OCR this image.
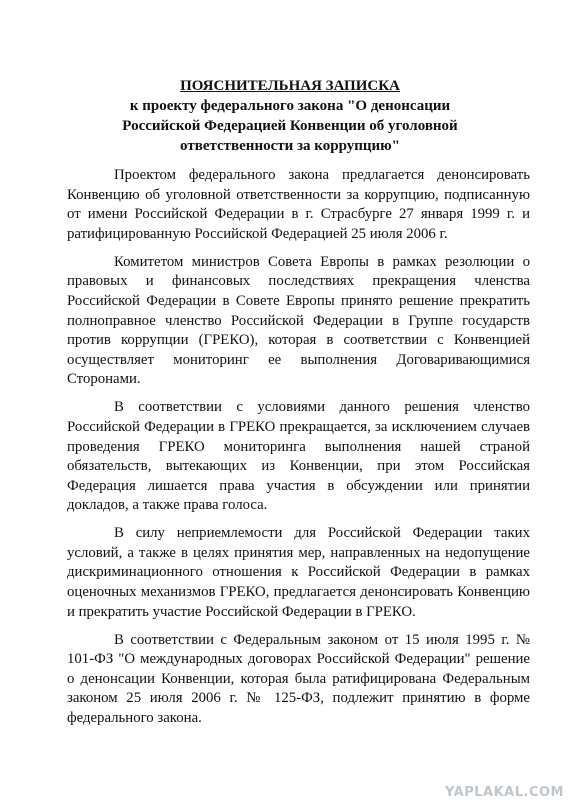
ПОЯСНИТЕЛЬНАЯ ЗАПИСКА
к проекту федерального закона "О денонсации
Российской Федерацией Конвенции об уголовной
ответственности за коррупцию"

Проектом федерального закона предлагается денонсировать Конвенцию об уголовной ответственности за коррупцию, подписанную от имени Российской Федерации в г. Страсбурге 27 января 1999 г. и ратифицированную Российской Федерацией 25 июля 2006 г.

Комитетом министров Совета Европы в рамках резолюции о правовых и финансовых последствиях прекращения членства Российской Федерации в Совете Европы принято решение прекратить полноправное членство Российской Федерации в Группе государств против коррупции (ГРЕКО), которая в соответствии с Конвенцией осуществляет мониторинг ее выполнения Договаривающимися Сторонами.

В соответствии с условиями данного решения членство Российской Федерации в ГРЕКО прекращается, за исключением случаев проведения ГРЕКО мониторинга выполнения нашей страной обязательств, вытекающих из Конвенции, при этом Российская Федерация лишается права участия в обсуждении или принятии докладов, а также права голоса.

В силу неприемлемости для Российской Федерации таких условий, а также в целях принятия мер, направленных на недопущение дискриминационного отношения к Российской Федерации в рамках оценочных механизмов ГРЕКО, предлагается денонсировать Конвенцию и прекратить участие Российской Федерации в ГРЕКО.

В соответствии с Федеральным законом от 15 июля 1995 г. № 101-ФЗ "О международных договорах Российской Федерации" решение о денонсации Конвенции, которая была ратифицирована Федеральным законом 25 июля 2006 г. № 125-ФЗ, подлежит принятию в форме федерального закона.

YAPLAKAL.COM
